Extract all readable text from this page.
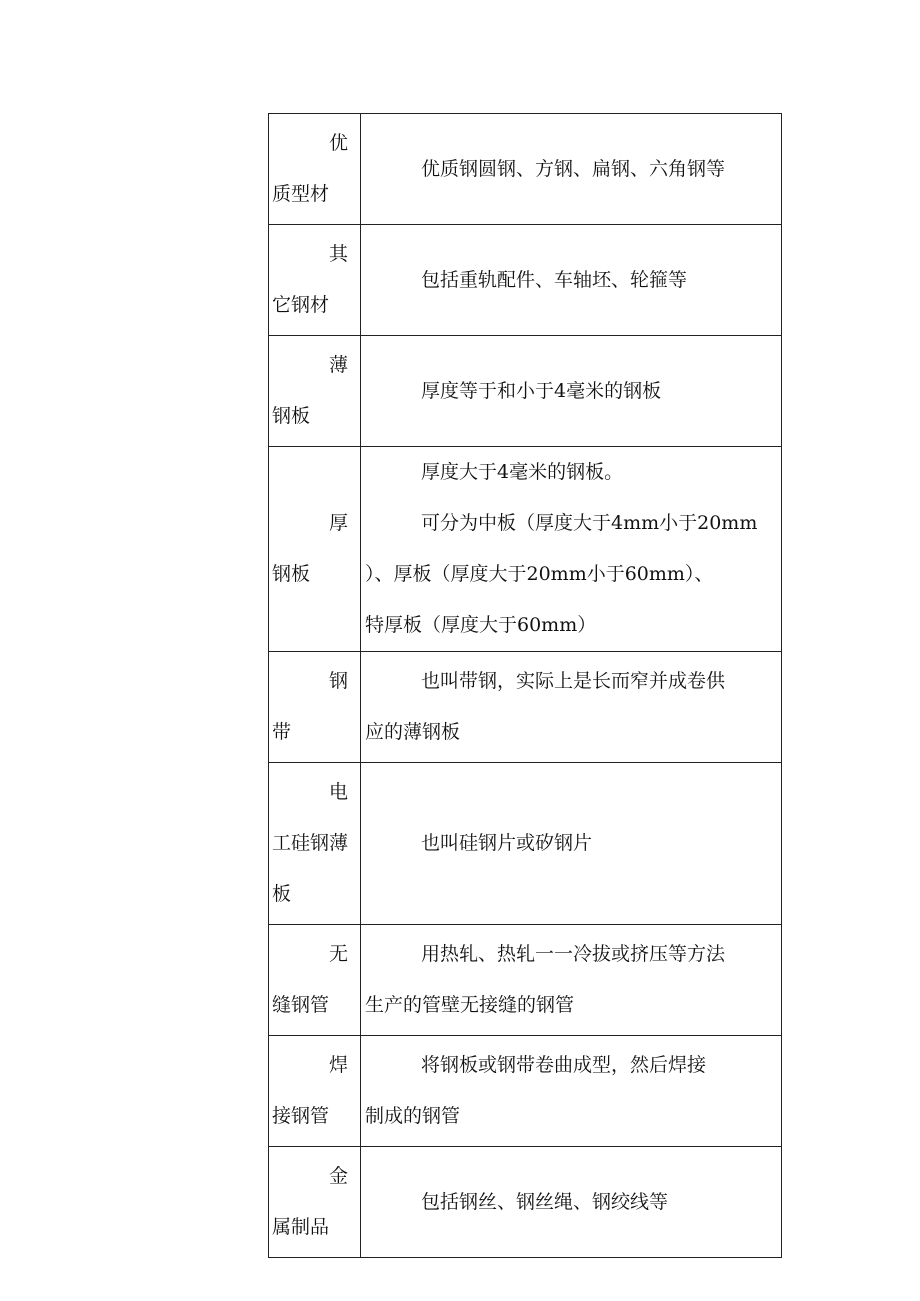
优
质型材	优质钢圆钢、方钢、扁钢、六角钢等

其
它钢材	包括重轨配件、车轴坯、轮箍等

薄
钢板	厚度等于和小于4毫米的钢板

厚
钢板	厚度大于4毫米的钢板。
可分为中板（厚度大于4mm小于20mm
）、厚板（厚度大于20mm小于60mm）、
特厚板（厚度大于60mm）

钢
带	也叫带钢，实际上是长而窄并成卷供
应的薄钢板

电
工硅钢薄
板	也叫硅钢片或矽钢片

无
缝钢管	用热轧、热轧一一冷拔或挤压等方法
生产的管壁无接缝的钢管

焊
接钢管	将钢板或钢带卷曲成型，然后焊接
制成的钢管

金
属制品	包括钢丝、钢丝绳、钢绞线等
